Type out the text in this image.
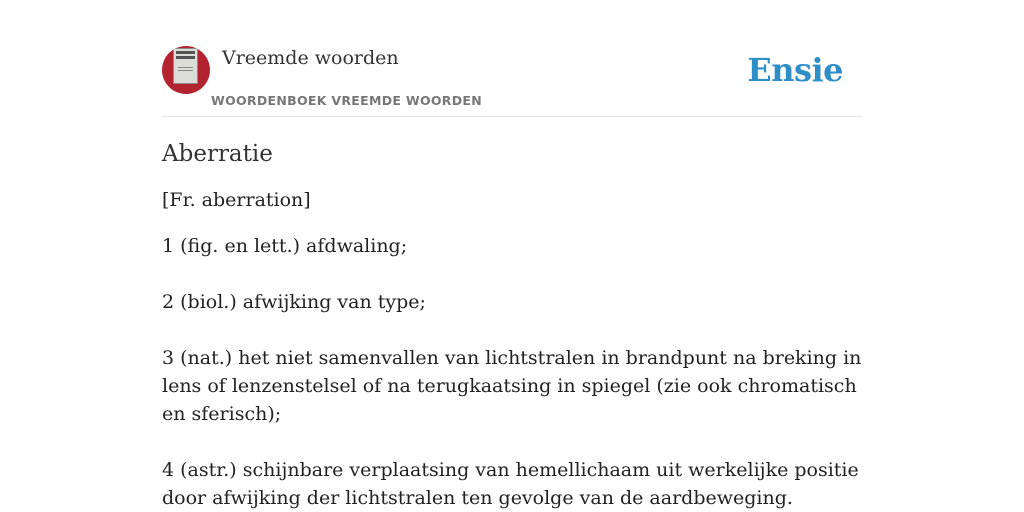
Vreemde woorden
WOORDENBOEK VREEMDE WOORDEN
Ensie
Aberratie

[Fr. aberration]

1 (fig. en lett.) afdwaling;
2 (biol.) afwijking van type;
3 (nat.) het niet samenvallen van lichtstralen in brandpunt na breking in lens of lenzenstelsel of na terugkaatsing in spiegel (zie ook chromatisch en sferisch);
4 (astr.) schijnbare verplaatsing van hemellichaam uit werkelijke positie door afwijking der lichtstralen ten gevolge van de aardbeweging.
